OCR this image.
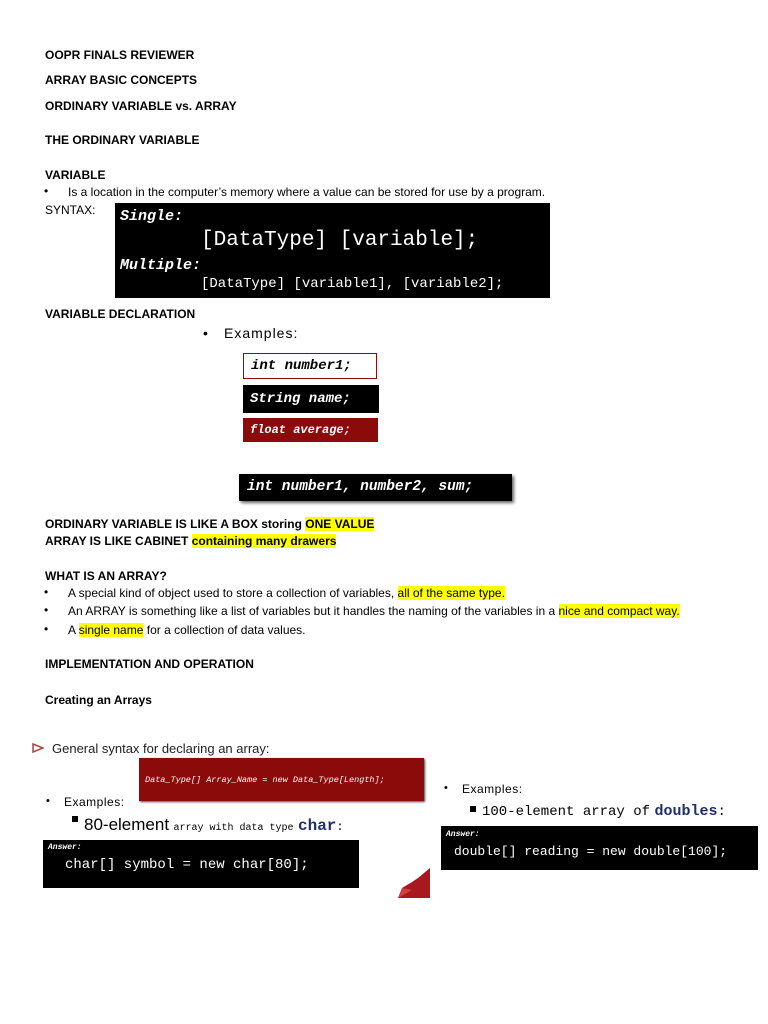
OOPR FINALS REVIEWER
ARRAY BASIC CONCEPTS
ORDINARY VARIABLE vs. ARRAY
THE ORDINARY VARIABLE
VARIABLE
• Is a location in the computer’s memory where a value can be stored for use by a program.
SYNTAX: Single:
[DataType] [variable];
Multiple:
[DataType] [variable1], [variable2];
VARIABLE DECLARATION
• Examples:
int number1;
String name;
float average;
int number1, number2, sum;
ORDINARY VARIABLE IS LIKE A BOX storing ONE VALUE
ARRAY IS LIKE CABINET containing many drawers
WHAT IS AN ARRAY?
• A special kind of object used to store a collection of variables, all of the same type.
• An ARRAY is something like a list of variables but it handles the naming of the variables in a nice and compact way.
• A single name for a collection of data values.
IMPLEMENTATION AND OPERATION
Creating an Arrays
General syntax for declaring an array:
Data_Type[] Array_Name = new Data_Type[Length];
• Examples:
80-element array with data type char:
Answer:
char[] symbol = new char[80];
• Examples:
100-element array of doubles:
Answer:
double[] reading = new double[100];
